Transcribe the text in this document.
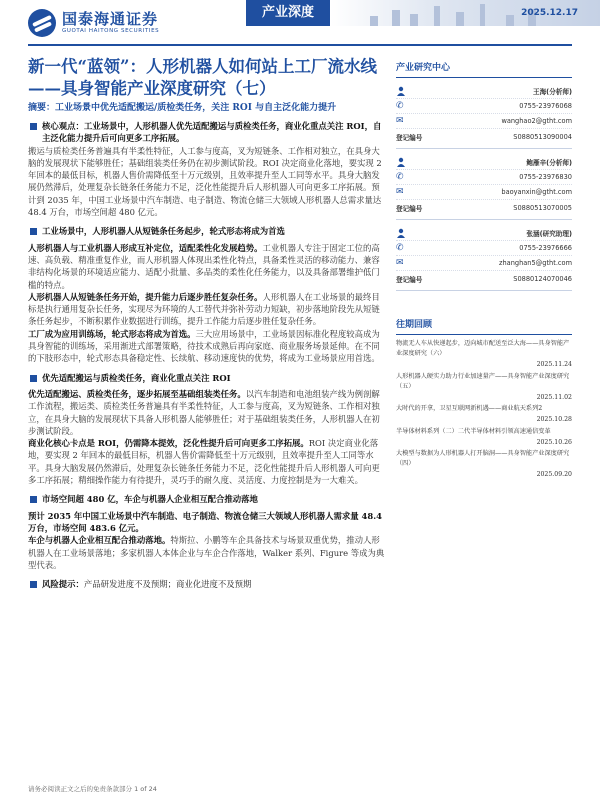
国泰海通证券
GUOTAI HAITONG SECURITIES
产业深度	2025.12.17
新一代“蓝领”：人形机器人如何站上工厂流水线——具身智能产业深度研究（七）
摘要：工业场景中优先适配搬运/质检类任务，关注 ROI 与自主泛化能力提升
核心观点：工业场景中，人形机器人优先适配搬运与质检类任务，商业化重点关注 ROI，自主泛化能力提升后可向更多工序拓展。
搬运与质检类任务普遍具有半柔性特征，人工参与度高，叉为短链条、工作相对独立，在具身大脑的发展现状下能够胜任；基础组装类任务仍在初步测试阶段。ROI 决定商业化落地，要实现 2 年回本的最低目标，机器人售价需降低至十万元级别，且效率提升至人工同等水平。具身大脑发展仍然滞后，处理复杂长链条任务能力不足，泛化性能提升后人形机器人可向更多工序拓展。预计到 2035 年，中国工业场景中汽车制造、电子制造、物流仓储三大领域人形机器人总需求量达 48.4 万台，市场空间超 480 亿元。
工业场景中，人形机器人从短链条任务起步，轮式形态将成为首选
人形机器人与工业机器人形成互补定位，适配柔性化发展趋势。工业机器人专注于固定工位的高速、高负载、精准重复作业，而人形机器人体现出柔性化特点，具备柔性灵活的移动能力、兼容非结构化场景的环境适应能力、适配小批量、多品类的柔性化任务能力，以及具备部署维护低门槛的特点。
人形机器人从短链条任务开始，提升能力后逐步胜任复杂任务。人形机器人在工业场景的最终目标是执行通用复杂长任务，实现尽为环境的人工替代并弥补劳动力短缺，初步落地阶段先从短链条任务起步，不断积累作业数据进行训练，提升工作能力后逐步胜任复杂任务。
工厂成为应用训练场，轮式形态将成为首选。三大应用场景中，工业场景因标准化程度较高成为具身智能的训练场，采用渐进式部署策略，待技术成熟后再向家庭、商业服务场景延伸。在不同的下肢形态中，轮式形态具备稳定性、长续航、移动速度快的优势，将成为工业场景应用首选。
优先适配搬运与质检类任务，商业化重点关注 ROI
优先适配搬运、质检类任务，逐步拓展至基础组装类任务。以汽车制造和电池组装产线为例剖解工作流程，搬运类、质检类任务普遍具有半柔性特征，人工参与度高，叉为短链条、工作相对独立，在具身大脑的发展现状下具备人形机器人能够胜任；对于基础组装类任务，人形机器人在初步测试阶段。
商业化核心卡点是 ROI，仍需降本提效，泛化性提升后可向更多工序拓展。ROI 决定商业化落地，要实现 2 年回本的最低目标，机器人售价需降低至十万元级别，且效率提升至人工同等水平。具身大脑发展仍然滞后，处理复杂长链条任务能力不足，泛化性能提升后人形机器人可向更多工序拓展；精细操作能力有待提升，灵巧手的耐久度、灵活度、力度控制是为一大难关。
市场空间超 480 亿，车企与机器人企业相互配合推动落地
预计 2035 年中国工业场景中汽车制造、电子制造、物流仓储三大领域人形机器人需求量 48.4 万台，市场空间 483.6 亿元。
车企与机器人企业相互配合推动落地。特斯拉、小鹏等车企具备技术与场景双重优势，推动人形机器人在工业场景落地；多家机器人本体企业与车企合作落地，Walker 系列、Figure 等成为典型代表。
风险提示：产品研发进度不及预期；商业化进度不及预期
产业研究中心
王海(分析师)
✆	0755-23976068
✉	wanghao2@gtht.com
登记编号	S0880513090004
鲍雁辛(分析师)
✆	0755-23976830
✉	baoyanxin@gtht.com
登记编号	S0880513070005
张涵(研究助理)
✆	0755-23976666
✉	zhanghan5@gtht.com
登记编号	S0880124070046
往期回顾
物流无人车从快递起步，迈向城市配送至泛大海——具身智能产业深度研究（六）
2025.11.24
人形机器人硬实力助力行业加速量产——具身智能产业深度研究（五）
2025.11.02
大时代的开拿，卫星互联网新机遇——商业航天系列2
2025.10.28
半导体材料系列（二）二代半导体材料引领高速通信变革
2025.10.26
大模型与数据为人形机器人打开脑洞——具身智能产业深度研究（四）
2025.09.20
请务必阅读正文之后的免责条款部分 1 of 24
